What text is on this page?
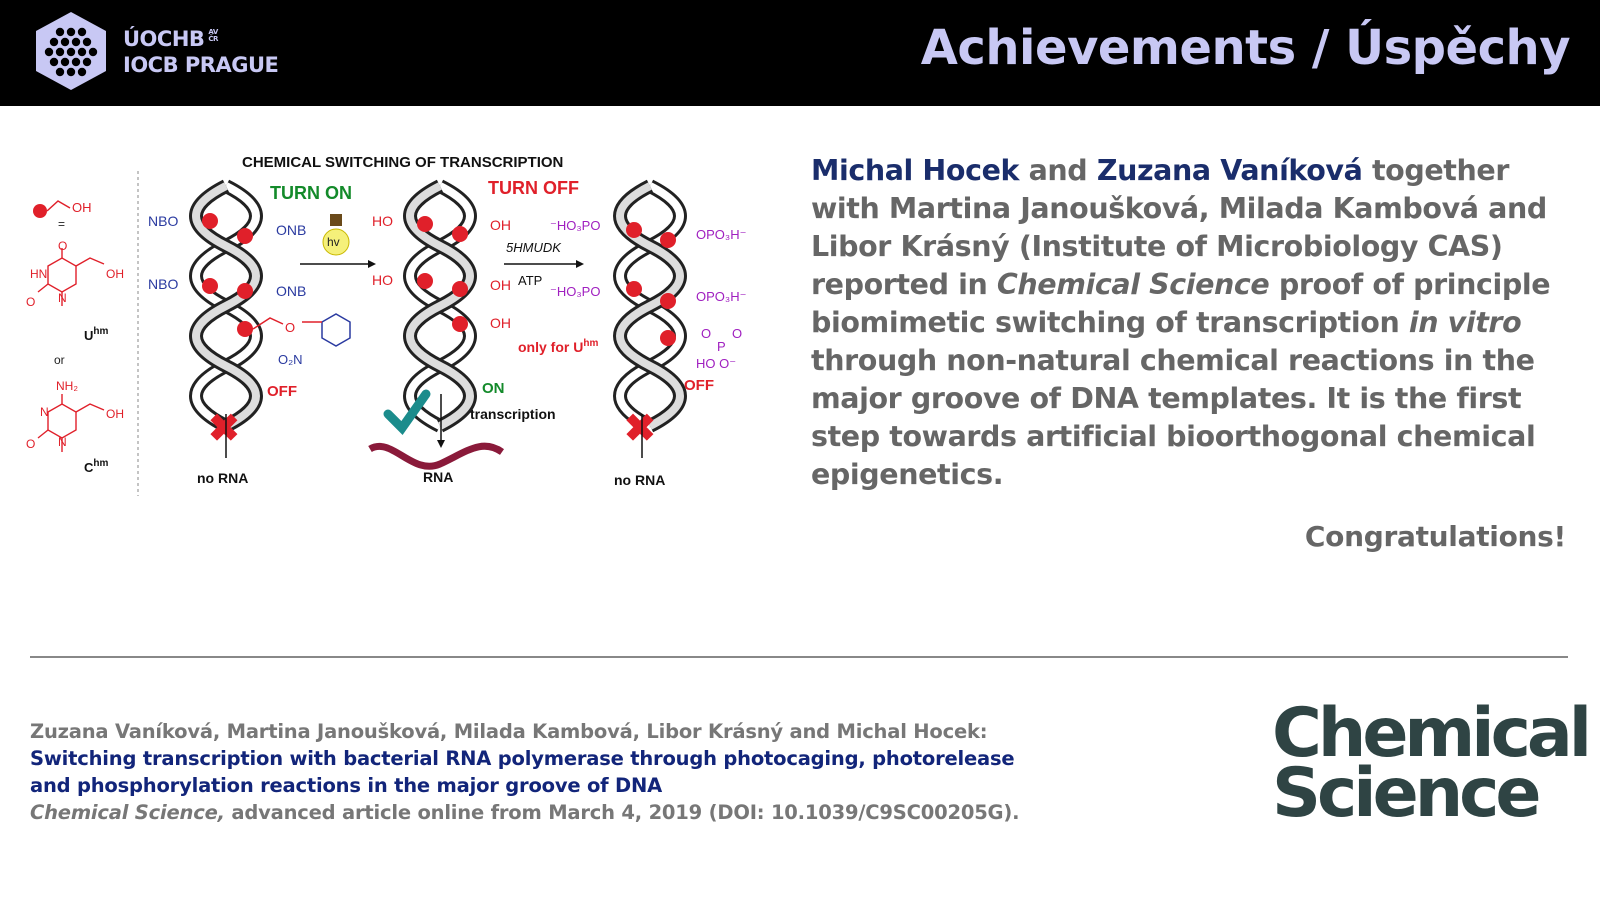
ÚOCHB AV
ČR
IOCB PRAGUE	Achievements / Úspěchy
CHEMICAL SWITCHING OF TRANSCRIPTION
OH
=
O
HN	OH
O N
$U^{hm}$
or
NH₂
N	OH
O N
$C^{hm}$
NBO
ONB
NBO	ONB
O
O₂N
OFF
✖
no RNA
TURN ON
hv
HO	OH
HO	OH
OH
ON
transcription
RNA
TURN OFF
5HMUDK
ATP
only for $U^{hm}$
⁻HO₃PO
OPO₃H⁻
⁻HO₃PO	OPO₃H⁻
O
P
O
HO O⁻
OFF
✖
no RNA
Michal Hocek and Zuzana Vaníková together with Martina Janoušková, Milada Kambová and Libor Krásný (Institute of Microbiology CAS) reported in Chemical Science proof of principle biomimetic switching of transcription in vitro through non-natural chemical reactions in the major groove of DNA templates. It is the first step towards artificial bioorthogonal chemical epigenetics.
Congratulations!
Zuzana Vaníková, Martina Janoušková, Milada Kambová, Libor Krásný and Michal Hocek:
Switching transcription with bacterial RNA polymerase through photocaging, photorelease
and phosphorylation reactions in the major groove of DNA
Chemical Science, advanced article online from March 4, 2019 (DOI: 10.1039/C9SC00205G).
Chemical
Science
